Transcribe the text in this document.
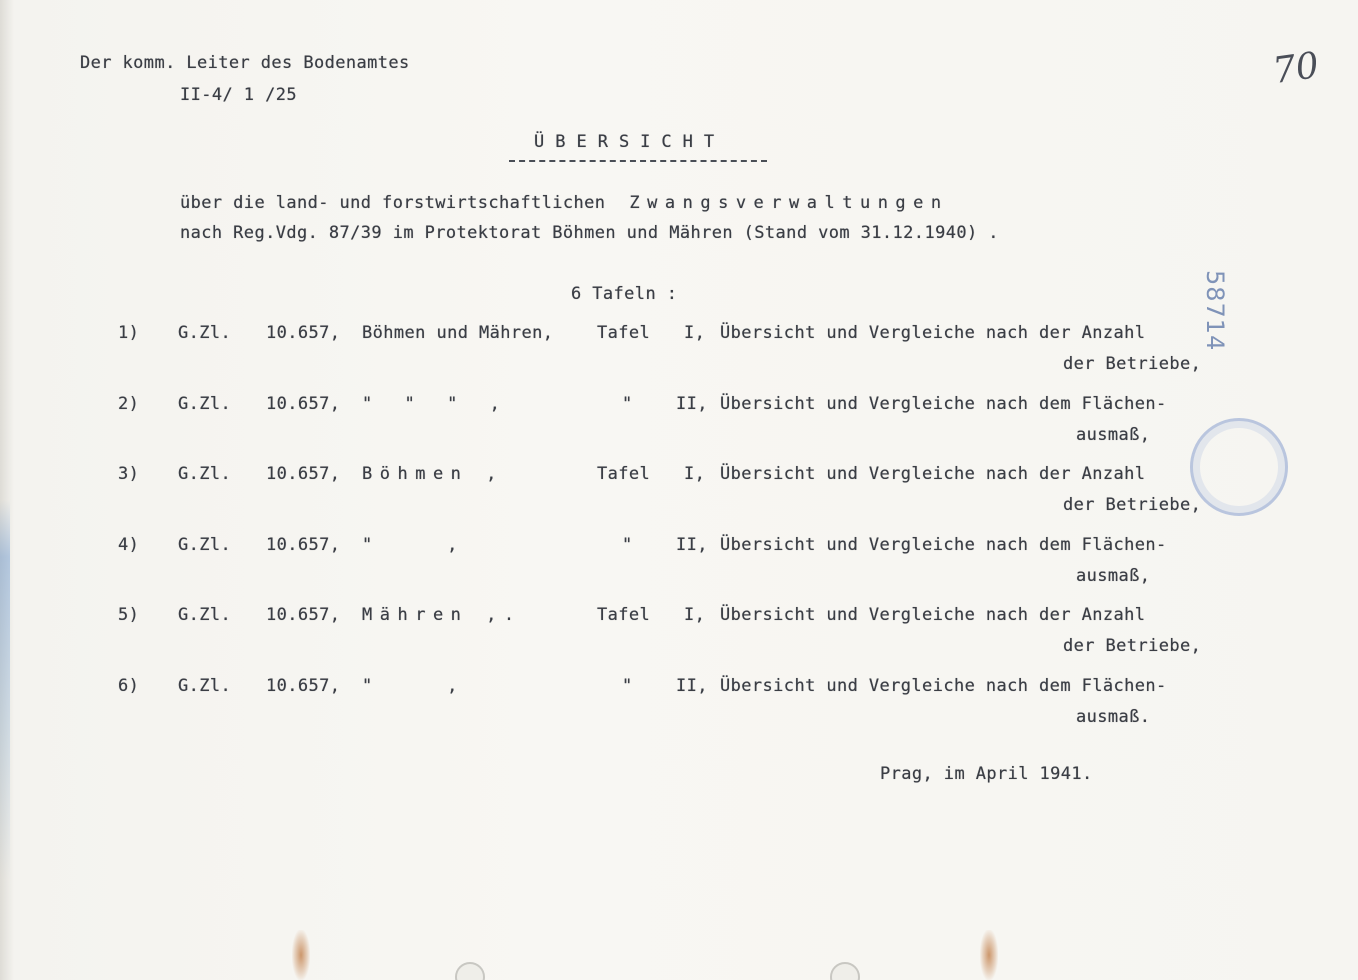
Der komm. Leiter des Bodenamtes
II-4/ 1 /25
70
58714
ÜBERSICHT
über die land- und forstwirtschaftlichen Zwangsverwaltungen
nach Reg.Vdg. 87/39 im Protektorat Böhmen und Mähren (Stand vom 31.12.1940) .
6 Tafeln :
1) G.Zl. 10.657, Böhmen und Mähren,	Tafel I, Übersicht und Vergleiche nach der Anzahl
der Betriebe,
2) G.Zl. 10.657, "   "   "   ,	"	II, Übersicht und Vergleiche nach dem Flächen-
ausmaß,
3) G.Zl. 10.657, Böhmen ,	Tafel I, Übersicht und Vergleiche nach der Anzahl
der Betriebe,
4) G.Zl. 10.657, "       ,	"	II, Übersicht und Vergleiche nach dem Flächen-
ausmaß,
5) G.Zl. 10.657, Mähren ,.	Tafel I, Übersicht und Vergleiche nach der Anzahl
der Betriebe,
6) G.Zl. 10.657, "       ,	"	II, Übersicht und Vergleiche nach dem Flächen-
ausmaß.
Prag, im April 1941.
